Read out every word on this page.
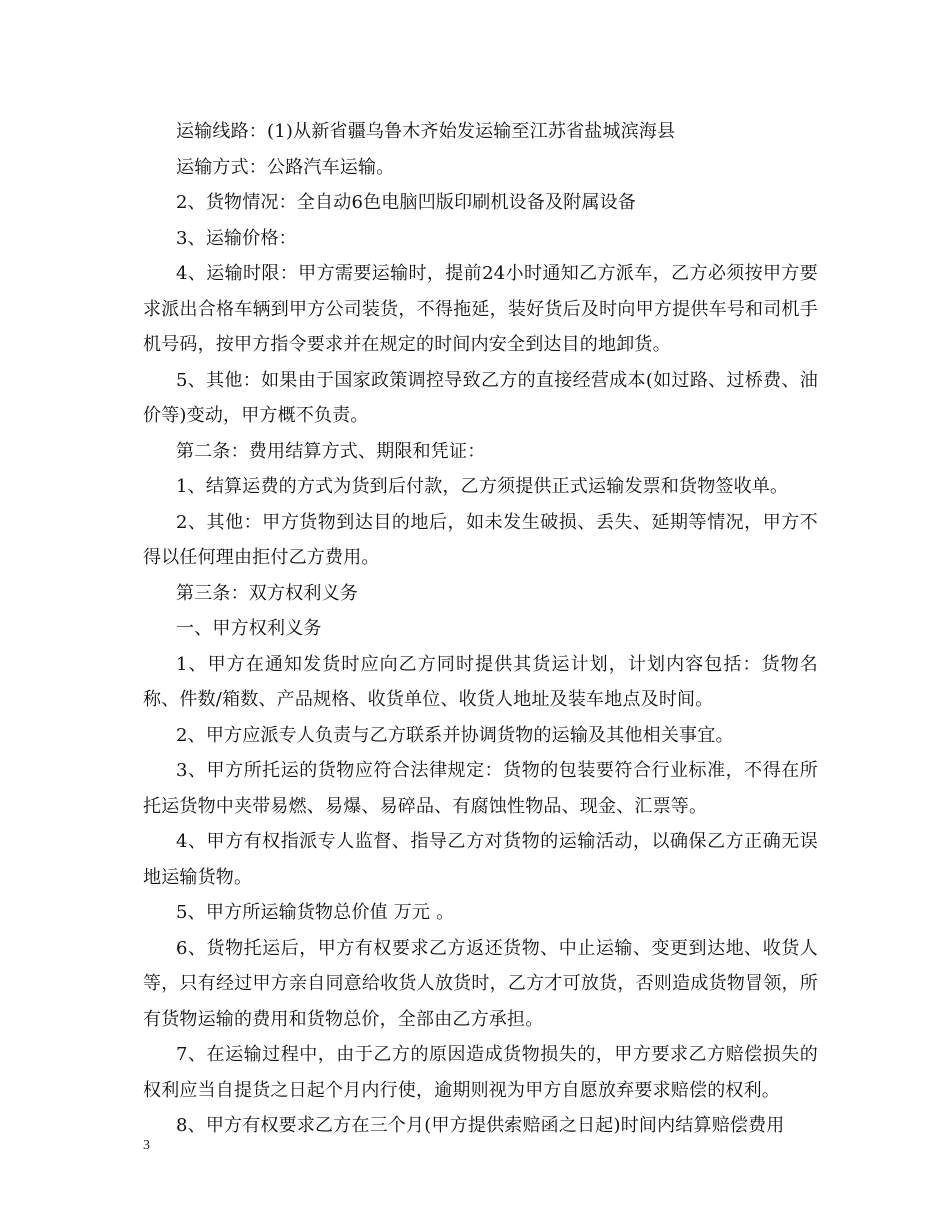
运输线路：(1)从新省疆乌鲁木齐始发运输至江苏省盐城滨海县

运输方式：公路汽车运输。

2、货物情况：全自动6色电脑凹版印刷机设备及附属设备

3、运输价格：

4、运输时限：甲方需要运输时，提前24小时通知乙方派车，乙方必须按甲方要求派出合格车辆到甲方公司装货，不得拖延，装好货后及时向甲方提供车号和司机手机号码，按甲方指令要求并在规定的时间内安全到达目的地卸货。

5、其他：如果由于国家政策调控导致乙方的直接经营成本(如过路、过桥费、油价等)变动，甲方概不负责。

第二条：费用结算方式、期限和凭证：

1、结算运费的方式为货到后付款，乙方须提供正式运输发票和货物签收单。

2、其他：甲方货物到达目的地后，如未发生破损、丢失、延期等情况，甲方不得以任何理由拒付乙方费用。

第三条：双方权利义务

一、甲方权利义务

1、甲方在通知发货时应向乙方同时提供其货运计划，计划内容包括：货物名称、件数/箱数、产品规格、收货单位、收货人地址及装车地点及时间。

2、甲方应派专人负责与乙方联系并协调货物的运输及其他相关事宜。

3、甲方所托运的货物应符合法律规定：货物的包装要符合行业标准，不得在所托运货物中夹带易燃、易爆、易碎品、有腐蚀性物品、现金、汇票等。

4、甲方有权指派专人监督、指导乙方对货物的运输活动，以确保乙方正确无误地运输货物。

5、甲方所运输货物总价值 万元 。

6、货物托运后，甲方有权要求乙方返还货物、中止运输、变更到达地、收货人等，只有经过甲方亲自同意给收货人放货时，乙方才可放货，否则造成货物冒领，所有货物运输的费用和货物总价，全部由乙方承担。

7、在运输过程中，由于乙方的原因造成货物损失的，甲方要求乙方赔偿损失的权利应当自提货之日起个月内行使，逾期则视为甲方自愿放弃要求赔偿的权利。

8、甲方有权要求乙方在三个月(甲方提供索赔函之日起)时间内结算赔偿费用

3
